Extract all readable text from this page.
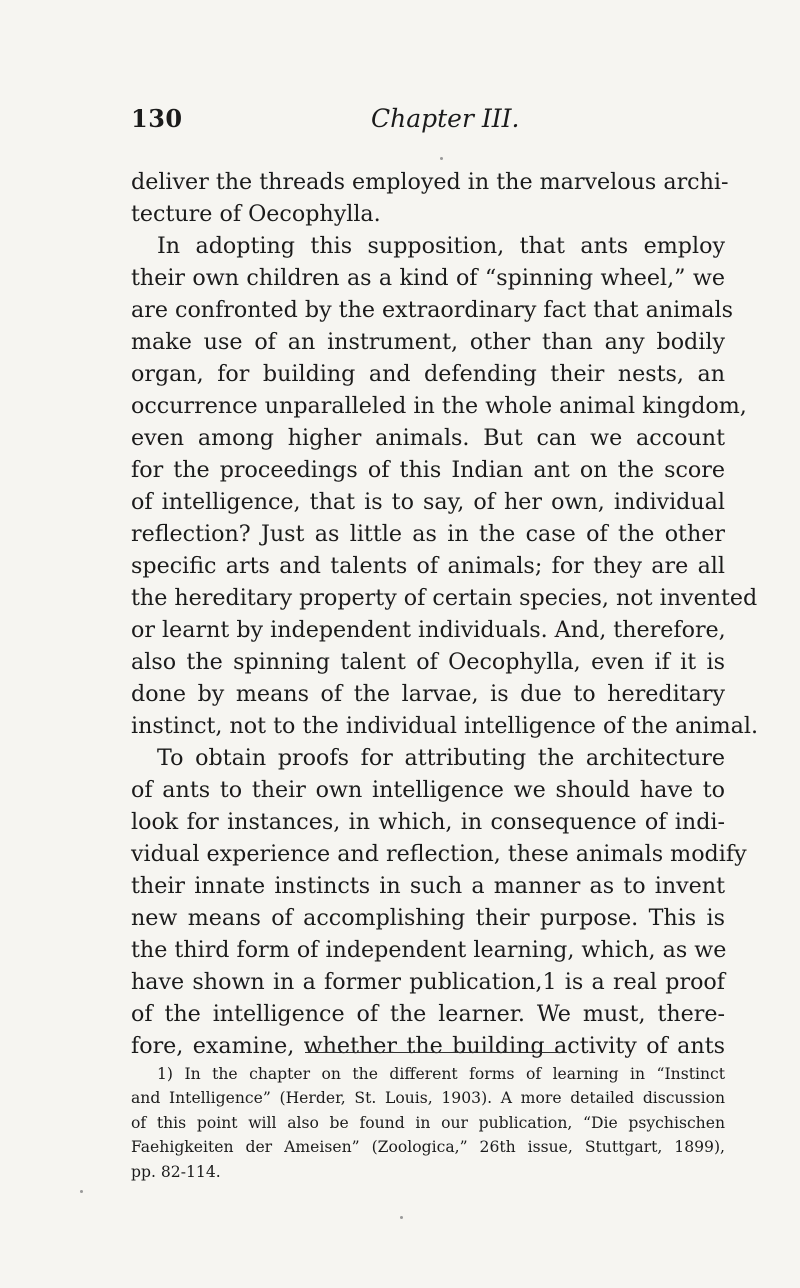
130	Chapter III.
deliver the threads employed in the marvelous archi-
tecture of Oecophylla.
In adopting this supposition, that ants employ
their own children as a kind of “spinning wheel,” we
are confronted by the extraordinary fact that animals
make use of an instrument, other than any bodily
organ, for building and defending their nests, an
occurrence unparalleled in the whole animal kingdom,
even among higher animals. But can we account
for the proceedings of this Indian ant on the score
of intelligence, that is to say, of her own, individual
reflection? Just as little as in the case of the other
specific arts and talents of animals; for they are all
the hereditary property of certain species, not invented
or learnt by independent individuals. And, therefore,
also the spinning talent of Oecophylla, even if it is
done by means of the larvae, is due to hereditary
instinct, not to the individual intelligence of the animal.
To obtain proofs for attributing the architecture
of ants to their own intelligence we should have to
look for instances, in which, in consequence of indi-
vidual experience and reflection, these animals modify
their innate instincts in such a manner as to invent
new means of accomplishing their purpose. This is
the third form of independent learning, which, as we
have shown in a former publication,1 is a real proof
of the intelligence of the learner. We must, there-
fore, examine, whether the building activity of ants
1) In the chapter on the different forms of learning in “Instinct
and Intelligence” (Herder, St. Louis, 1903). A more detailed discussion
of this point will also be found in our publication, “Die psychischen
Faehigkeiten der Ameisen” (Zoologica,” 26th issue, Stuttgart, 1899),
pp. 82-114.
